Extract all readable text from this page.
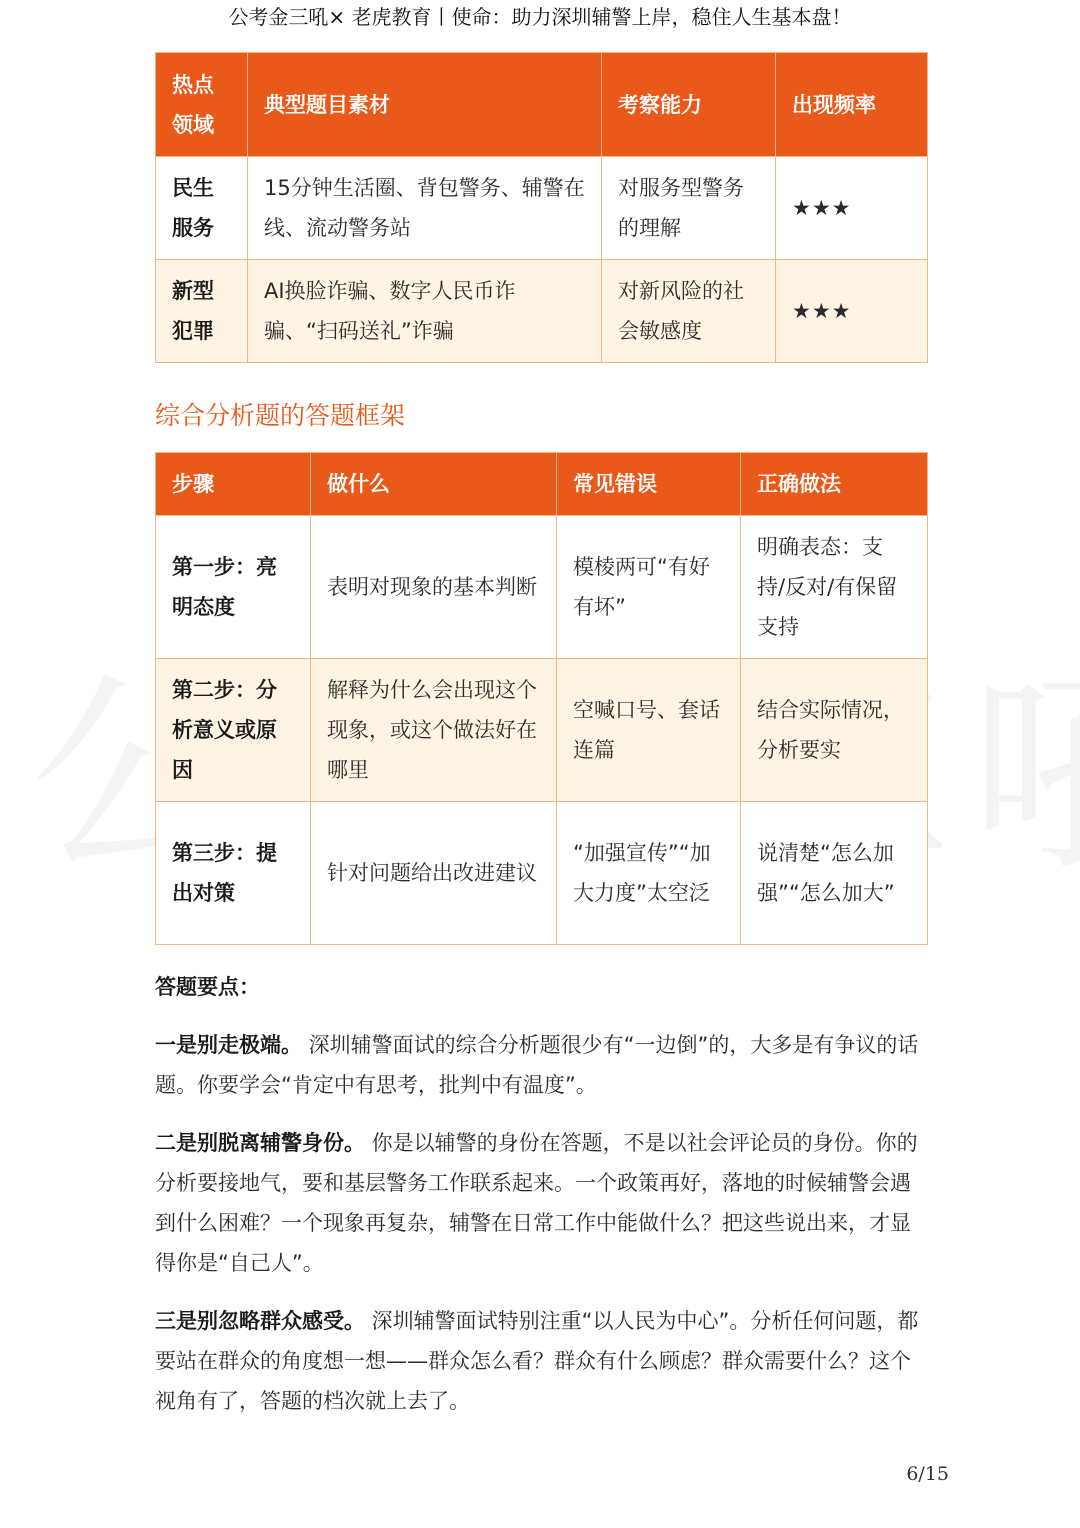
公考金三吼× 老虎教育丨使命：助力深圳辅警上岸，稳住人生基本盘！
热点领域	典型题目素材	考察能力	出现频率
民生服务	15分钟生活圈、背包警务、辅警在线、流动警务站	对服务型警务的理解	★★★
新型犯罪	AI换脸诈骗、数字人民币诈骗、“扫码送礼”诈骗	对新风险的社会敏感度	★★★
综合分析题的答题框架
步骤	做什么	常见错误	正确做法
第一步：亮明态度	表明对现象的基本判断	模棱两可“有好有坏”	明确表态：支持/反对/有保留支持
第二步：分析意义或原因	解释为什么会出现这个现象，或这个做法好在哪里	空喊口号、套话连篇	结合实际情况，分析要实
第三步：提出对策	针对问题给出改进建议	“加强宣传”“加大力度”太空泛	说清楚“怎么加强”“怎么加大”
答题要点：

一是别走极端。 深圳辅警面试的综合分析题很少有“一边倒”的，大多是有争议的话题。你要学会“肯定中有思考，批判中有温度”。

二是别脱离辅警身份。 你是以辅警的身份在答题，不是以社会评论员的身份。你的分析要接地气，要和基层警务工作联系起来。一个政策再好，落地的时候辅警会遇到什么困难？一个现象再复杂，辅警在日常工作中能做什么？把这些说出来，才显得你是“自己人”。

三是别忽略群众感受。 深圳辅警面试特别注重“以人民为中心”。分析任何问题，都要站在群众的角度想一想——群众怎么看？群众有什么顾虑？群众需要什么？这个视角有了，答题的档次就上去了。

6/15
